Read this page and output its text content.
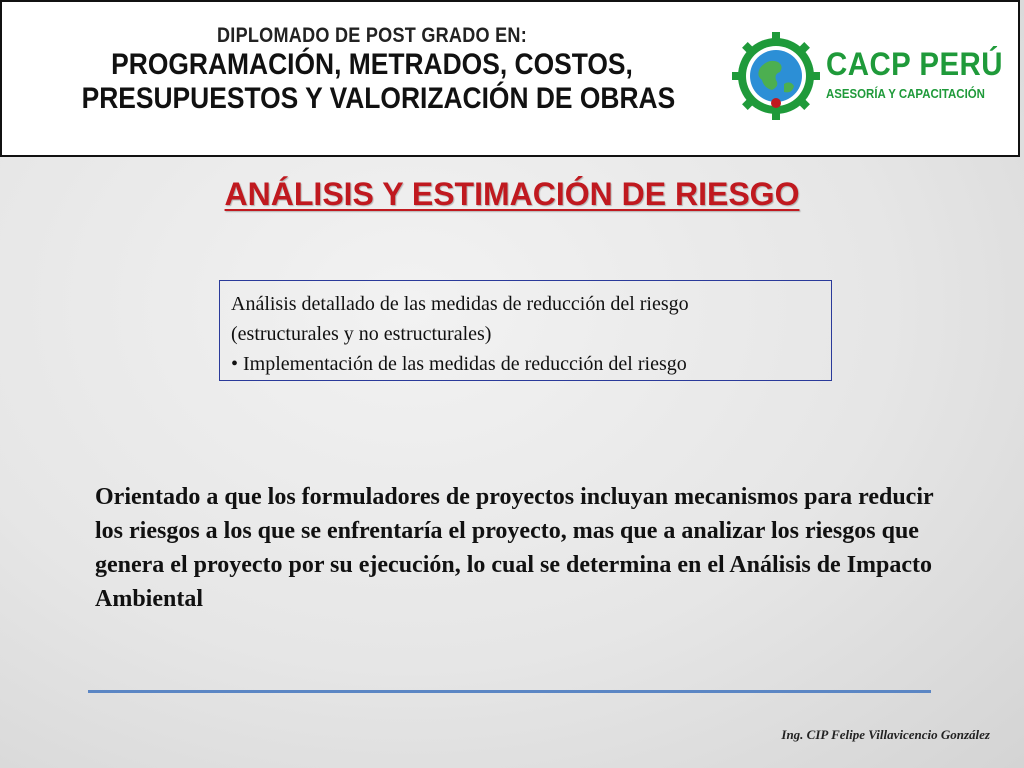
DIPLOMADO DE POST GRADO EN:
PROGRAMACIÓN, METRADOS, COSTOS,
PRESUPUESTOS Y VALORIZACIÓN DE OBRAS
CACP PERÚ
ASESORÍA Y CAPACITACIÓN
ANÁLISIS Y ESTIMACIÓN DE RIESGO

Análisis detallado de las medidas de reducción del riesgo

(estructurales y no estructurales)

• Implementación de las medidas de reducción del riesgo

Orientado a que los formuladores de proyectos incluyan mecanismos para reducir los riesgos a los que se enfrentaría el proyecto, mas que a analizar los riesgos que genera el proyecto por su ejecución, lo cual se determina en el Análisis de Impacto Ambiental
Ing. CIP Felipe Villavicencio González
